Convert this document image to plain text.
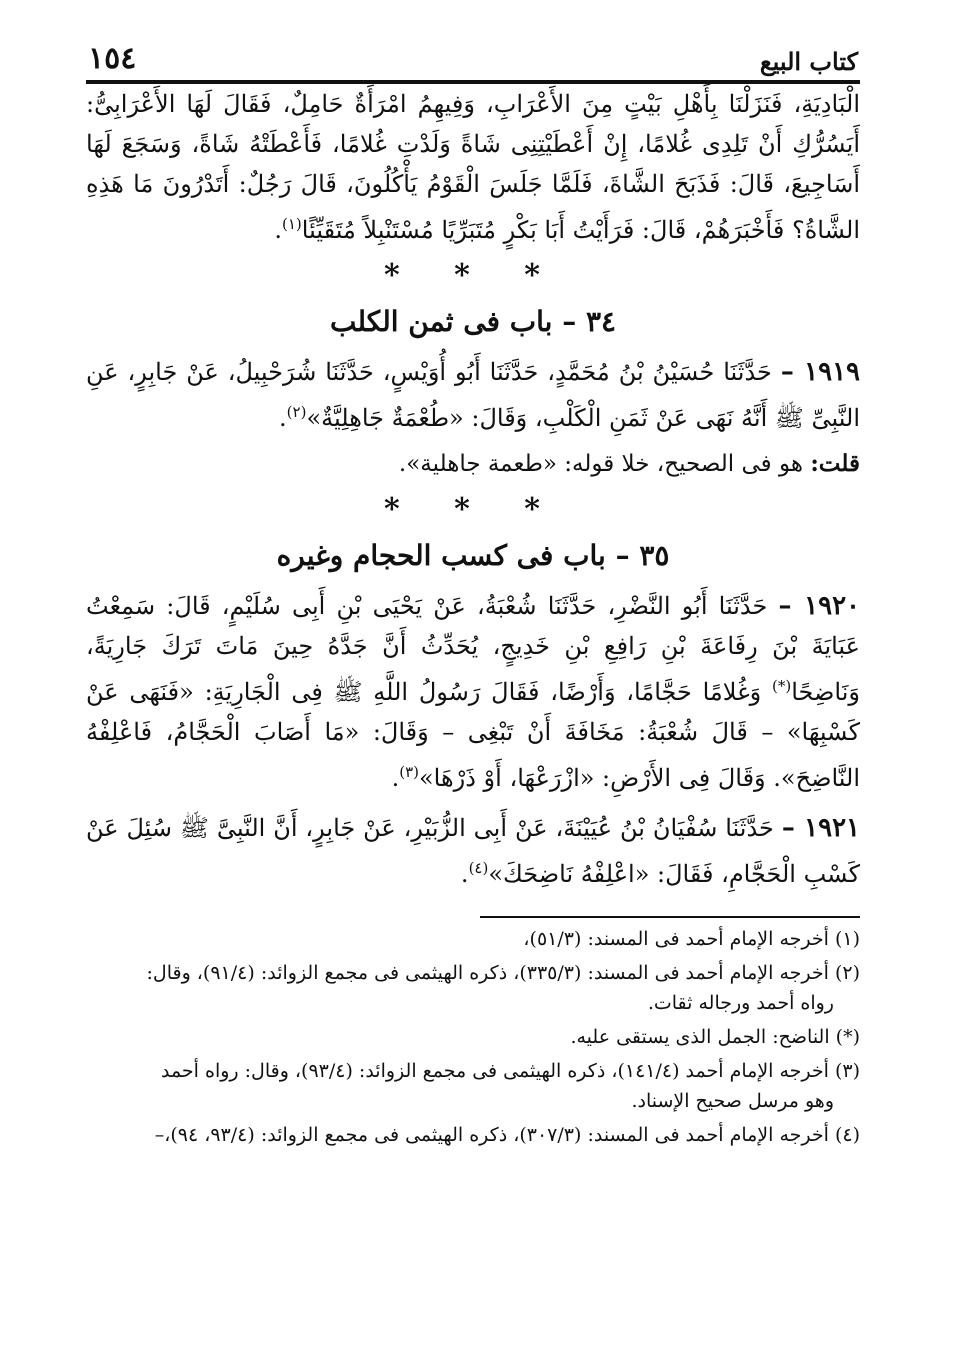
كتاب البيع
١٥٤

الْبَادِيَةِ، فَنَزَلْنَا بِأَهْلِ بَيْتٍ مِنَ الأَعْرَابِ، وَفِيهِمُ امْرَأَةٌ حَامِلٌ، فَقَالَ لَهَا الأَعْرَابِىُّ: أَيَسُرُّكِ أَنْ تَلِدِى غُلامًا، إِنْ أَعْطَيْتِنِى شَاةً وَلَدْتِ غُلامًا، فَأَعْطَتْهُ شَاةً، وَسَجَعَ لَهَا أَسَاجِيعَ، قَالَ: فَذَبَحَ الشَّاةَ، فَلَمَّا جَلَسَ الْقَوْمُ يَأْكُلُونَ، قَالَ رَجُلٌ: أَتَدْرُونَ مَا هَذِهِ الشَّاةُ؟ فَأَخْبَرَهُمْ، قَالَ: فَرَأَيْتُ أَبَا بَكْرٍ مُتَبَرِّيًا مُسْتَنْبِلاً مُتَقَيِّئًا$^{(١)}$.

* * *
٣٤ – باب فى ثمن الكلب

١٩١٩ – حَدَّثَنَا حُسَيْنُ بْنُ مُحَمَّدٍ، حَدَّثَنَا أَبُو أُوَيْسٍ، حَدَّثَنَا شُرَحْبِيلُ، عَنْ جَابِرٍ، عَنِ النَّبِىِّ ﷺ أَنَّهُ نَهَى عَنْ ثَمَنِ الْكَلْبِ، وَقَالَ: «طُعْمَةٌ جَاهِلِيَّةٌ»$^{(٢)}$.

قلت: هو فى الصحيح، خلا قوله: «طعمة جاهلية».

* * *
٣٥ – باب فى كسب الحجام وغيره

١٩٢٠ – حَدَّثَنَا أَبُو النَّضْرِ، حَدَّثَنَا شُعْبَةُ، عَنْ يَحْيَى بْنِ أَبِى سُلَيْمٍ، قَالَ: سَمِعْتُ عَبَايَةَ بْنَ رِفَاعَةَ بْنِ رَافِعِ بْنِ خَدِيجٍ، يُحَدِّثُ أَنَّ جَدَّهُ حِينَ مَاتَ تَرَكَ جَارِيَةً، وَنَاضِحًا(*) وَغُلامًا حَجَّامًا، وَأَرْضًا، فَقَالَ رَسُولُ اللَّهِ ﷺ فِى الْجَارِيَةِ: «فَنَهَى عَنْ كَسْبِهَا» – قَالَ شُعْبَةُ: مَخَافَةَ أَنْ تَبْغِى – وَقَالَ: «مَا أَصَابَ الْحَجَّامُ، فَاعْلِفْهُ النَّاضِحَ». وَقَالَ فِى الأَرْضِ: «ازْرَعْهَا، أَوْ ذَرْهَا»$^{(٣)}$.

١٩٢١ – حَدَّثَنَا سُفْيَانُ بْنُ عُيَيْنَةَ، عَنْ أَبِى الزُّبَيْرِ، عَنْ جَابِرٍ، أَنَّ النَّبِىَّ ﷺ سُئِلَ عَنْ كَسْبِ الْحَجَّامِ، فَقَالَ: «اعْلِفْهُ نَاضِحَكَ»$^{(٤)}$.

(١) أخرجه الإمام أحمد فى المسند: (٥١/٣)،
(٢) أخرجه الإمام أحمد فى المسند: (٣٣٥/٣)، ذكره الهيثمى فى مجمع الزوائد: (٩١/٤)، وقال:
رواه أحمد ورجاله ثقات.
(*) الناضح: الجمل الذى يستقى عليه.
(٣) أخرجه الإمام أحمد (١٤١/٤)، ذكره الهيثمى فى مجمع الزوائد: (٩٣/٤)، وقال: رواه أحمد
وهو مرسل صحيح الإسناد.
(٤) أخرجه الإمام أحمد فى المسند: (٣٠٧/٣)، ذكره الهيثمى فى مجمع الزوائد: (٩٣/٤، ٩٤)،–
